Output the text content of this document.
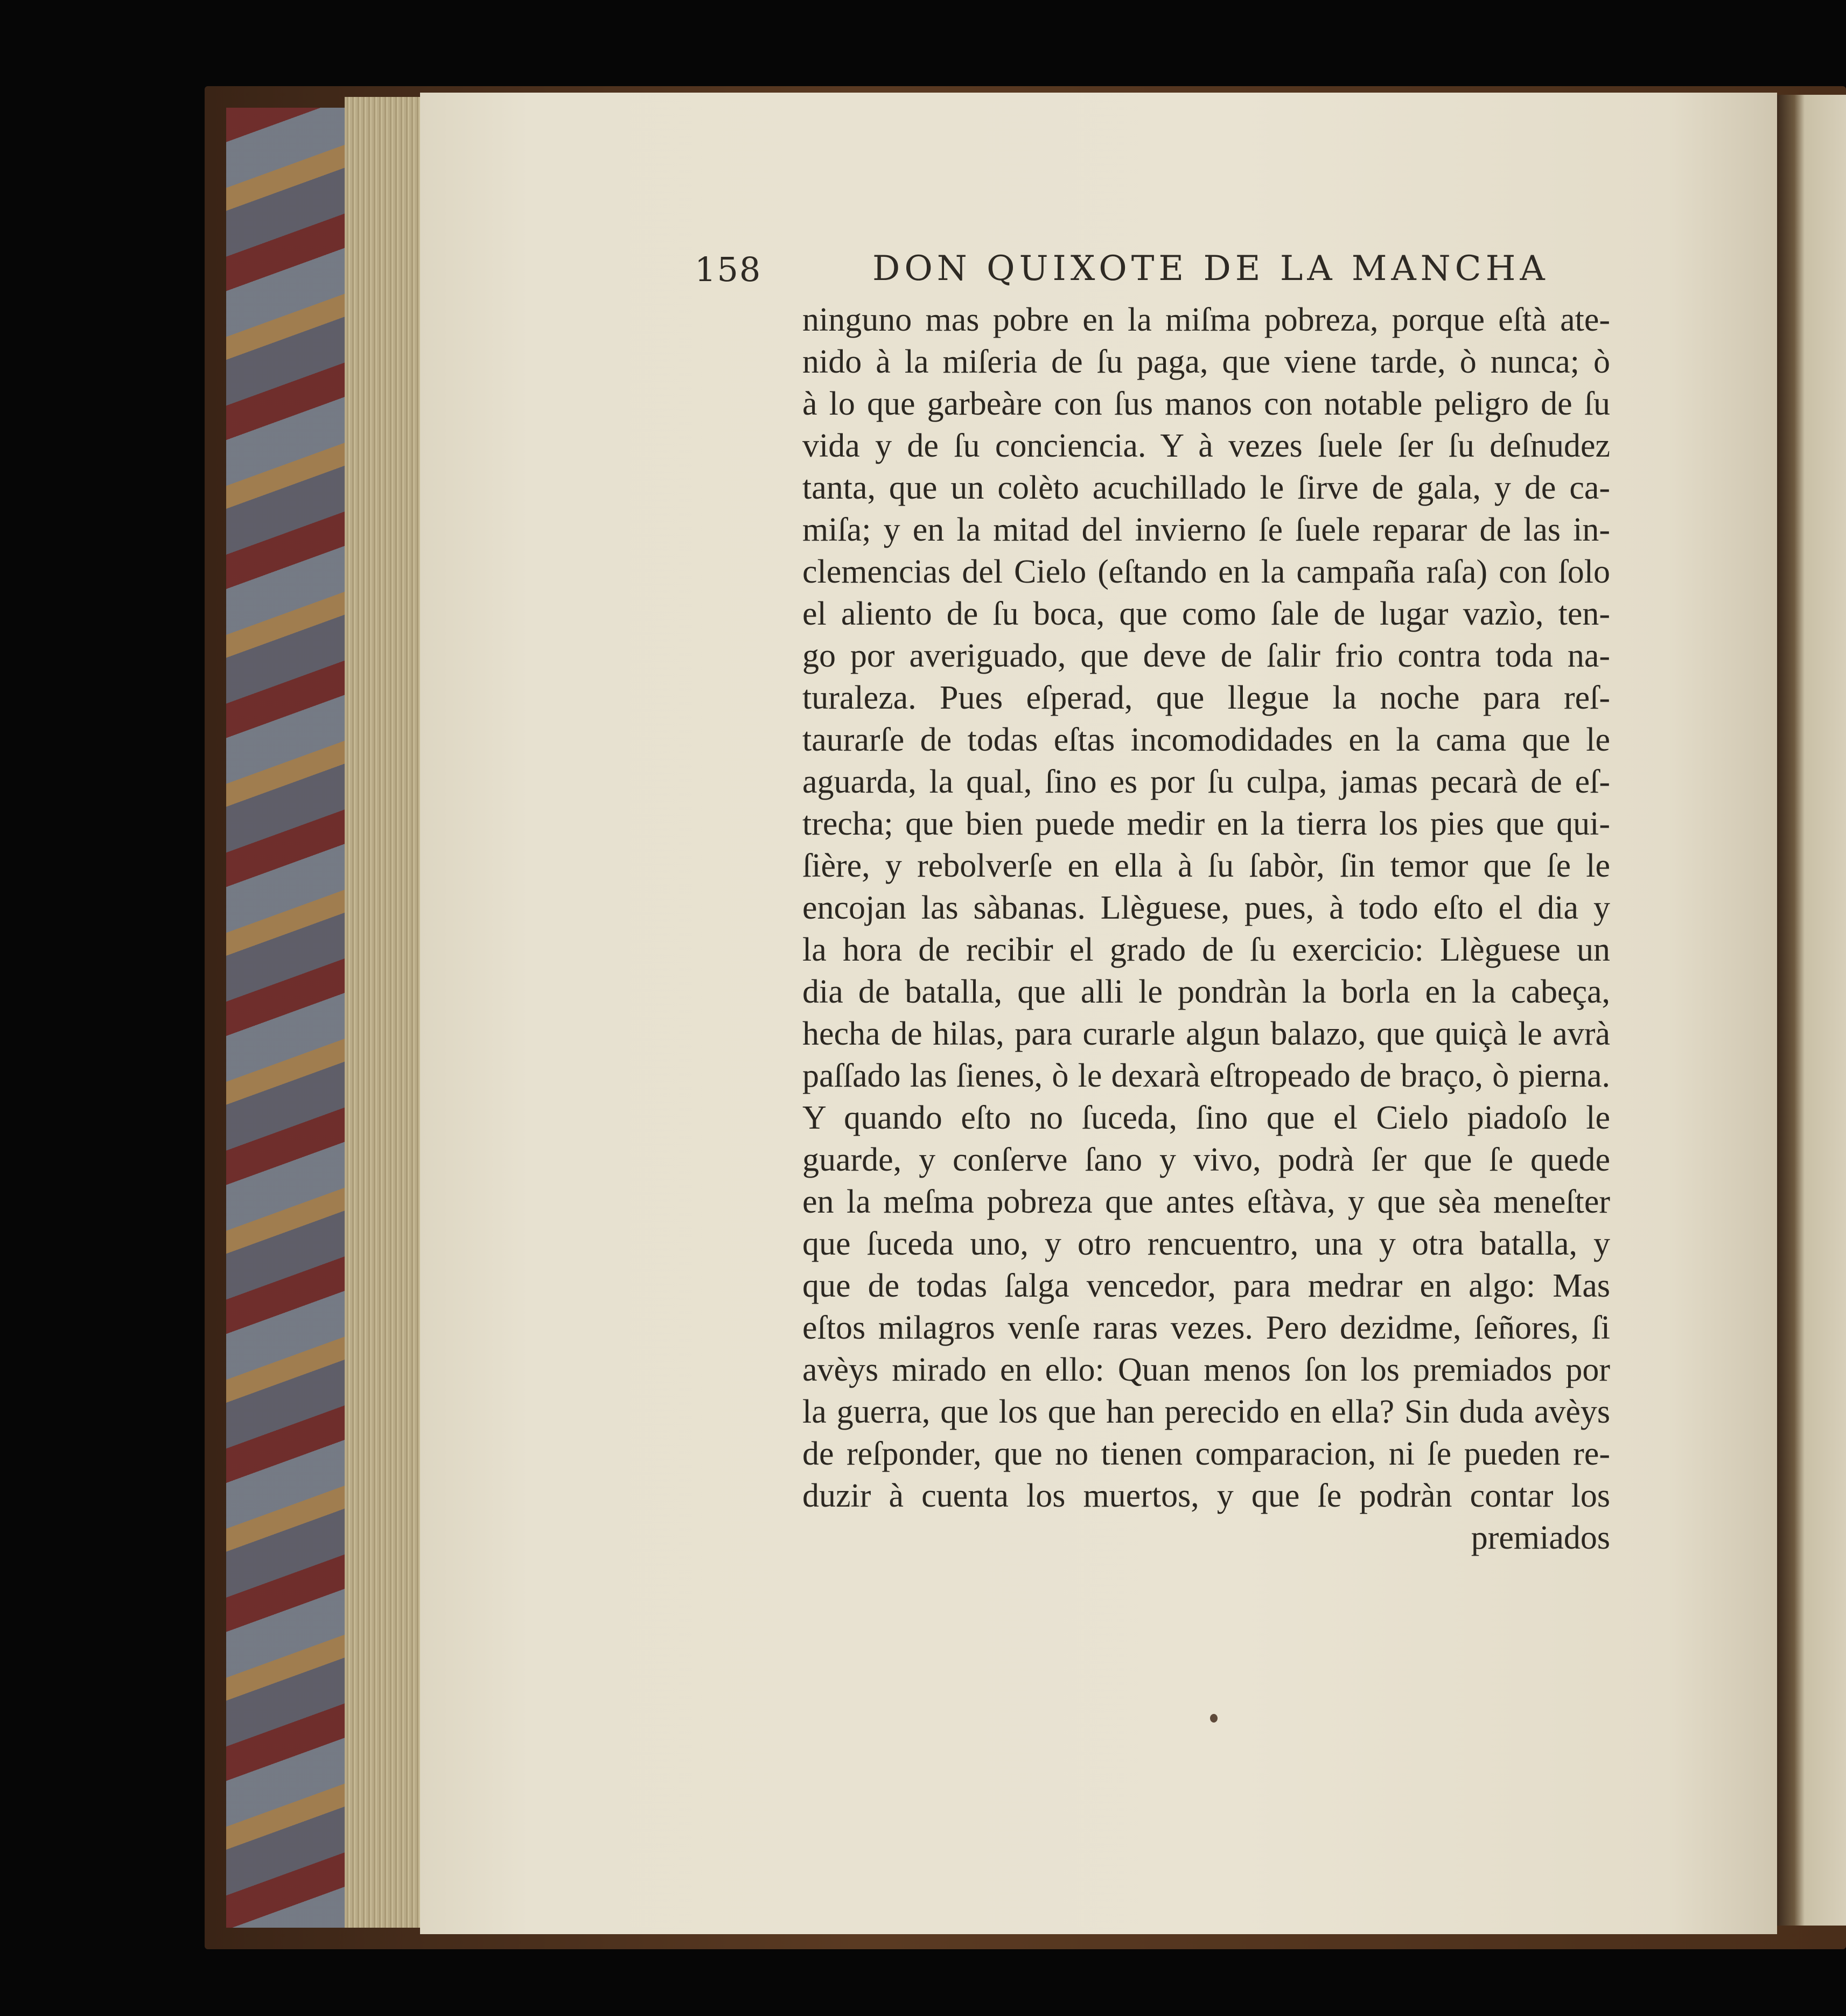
158	DON QUIXOTE DE LA MANCHA
ninguno mas pobre en la miſma pobreza, porque eſtà ate-
nido à la miſeria de ſu paga, que viene tarde, ò nunca; ò
à lo que garbeàre con ſus manos con notable peligro de ſu
vida y de ſu conciencia. Y à vezes ſuele ſer ſu deſnudez
tanta, que un colèto acuchillado le ſirve de gala, y de ca-
miſa; y en la mitad del invierno ſe ſuele reparar de las in-
clemencias del Cielo (eſtando en la campaña raſa) con ſolo
el aliento de ſu boca, que como ſale de lugar vazìo, ten-
go por averiguado, que deve de ſalir frio contra toda na-
turaleza. Pues eſperad, que llegue la noche para reſ-
taurarſe de todas eſtas incomodidades en la cama que le
aguarda, la qual, ſino es por ſu culpa, jamas pecarà de eſ-
trecha; que bien puede medir en la tierra los pies que qui-
ſière, y rebolverſe en ella à ſu ſabòr, ſin temor que ſe le
encojan las sàbanas. Llèguese, pues, à todo eſto el dia y
la hora de recibir el grado de ſu exercicio: Llèguese un
dia de batalla, que alli le pondràn la borla en la cabeça,
hecha de hilas, para curarle algun balazo, que quiçà le avrà
paſſado las ſienes, ò le dexarà eſtropeado de braço, ò pierna.
Y quando eſto no ſuceda, ſino que el Cielo piadoſo le
guarde, y conſerve ſano y vivo, podrà ſer que ſe quede
en la meſma pobreza que antes eſtàva, y que sèa meneſter
que ſuceda uno, y otro rencuentro, una y otra batalla, y
que de todas ſalga vencedor, para medrar en algo: Mas
eſtos milagros venſe raras vezes. Pero dezidme, ſeñores, ſi
avèys mirado en ello: Quan menos ſon los premiados por
la guerra, que los que han perecido en ella? Sin duda avèys
de reſponder, que no tienen comparacion, ni ſe pueden re-
duzir à cuenta los muertos, y que ſe podràn contar los
premiados
